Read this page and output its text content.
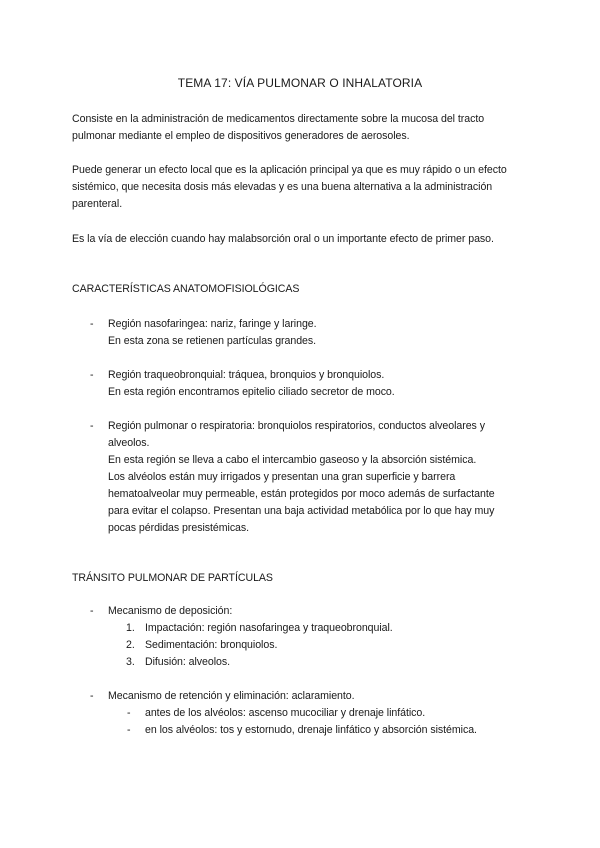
TEMA 17: VÍA PULMONAR O INHALATORIA
Consiste en la administración de medicamentos directamente sobre la mucosa del tracto
pulmonar mediante el empleo de dispositivos generadores de aerosoles.
Puede generar un efecto local que es la aplicación principal ya que es muy rápido o un efecto
sistémico, que necesita dosis más elevadas y es una buena alternativa a la administración
parenteral.
Es la vía de elección cuando hay malabsorción oral o un importante efecto de primer paso.
CARACTERÍSTICAS ANATOMOFISIOLÓGICAS
- Región nasofaringea: nariz, faringe y laringe.
En esta zona se retienen partículas grandes.
- Región traqueobronquial: tráquea, bronquios y bronquiolos.
En esta región encontramos epitelio ciliado secretor de moco.
- Región pulmonar o respiratoria: bronquiolos respiratorios, conductos alveolares y
alveolos.
En esta región se lleva a cabo el intercambio gaseoso y la absorción sistémica.
Los alvéolos están muy irrigados y presentan una gran superficie y barrera
hematoalveolar muy permeable, están protegidos por moco además de surfactante
para evitar el colapso. Presentan una baja actividad metabólica por lo que hay muy
pocas pérdidas presistémicas.
TRÁNSITO PULMONAR DE PARTÍCULAS
- Mecanismo de deposición:
1. Impactación: región nasofaringea y traqueobronquial.
2. Sedimentación: bronquiolos.
3. Difusión: alveolos.
- Mecanismo de retención y eliminación: aclaramiento.
- antes de los alvéolos: ascenso mucociliar y drenaje linfático.
- en los alvéolos: tos y estornudo, drenaje linfático y absorción sistémica.
